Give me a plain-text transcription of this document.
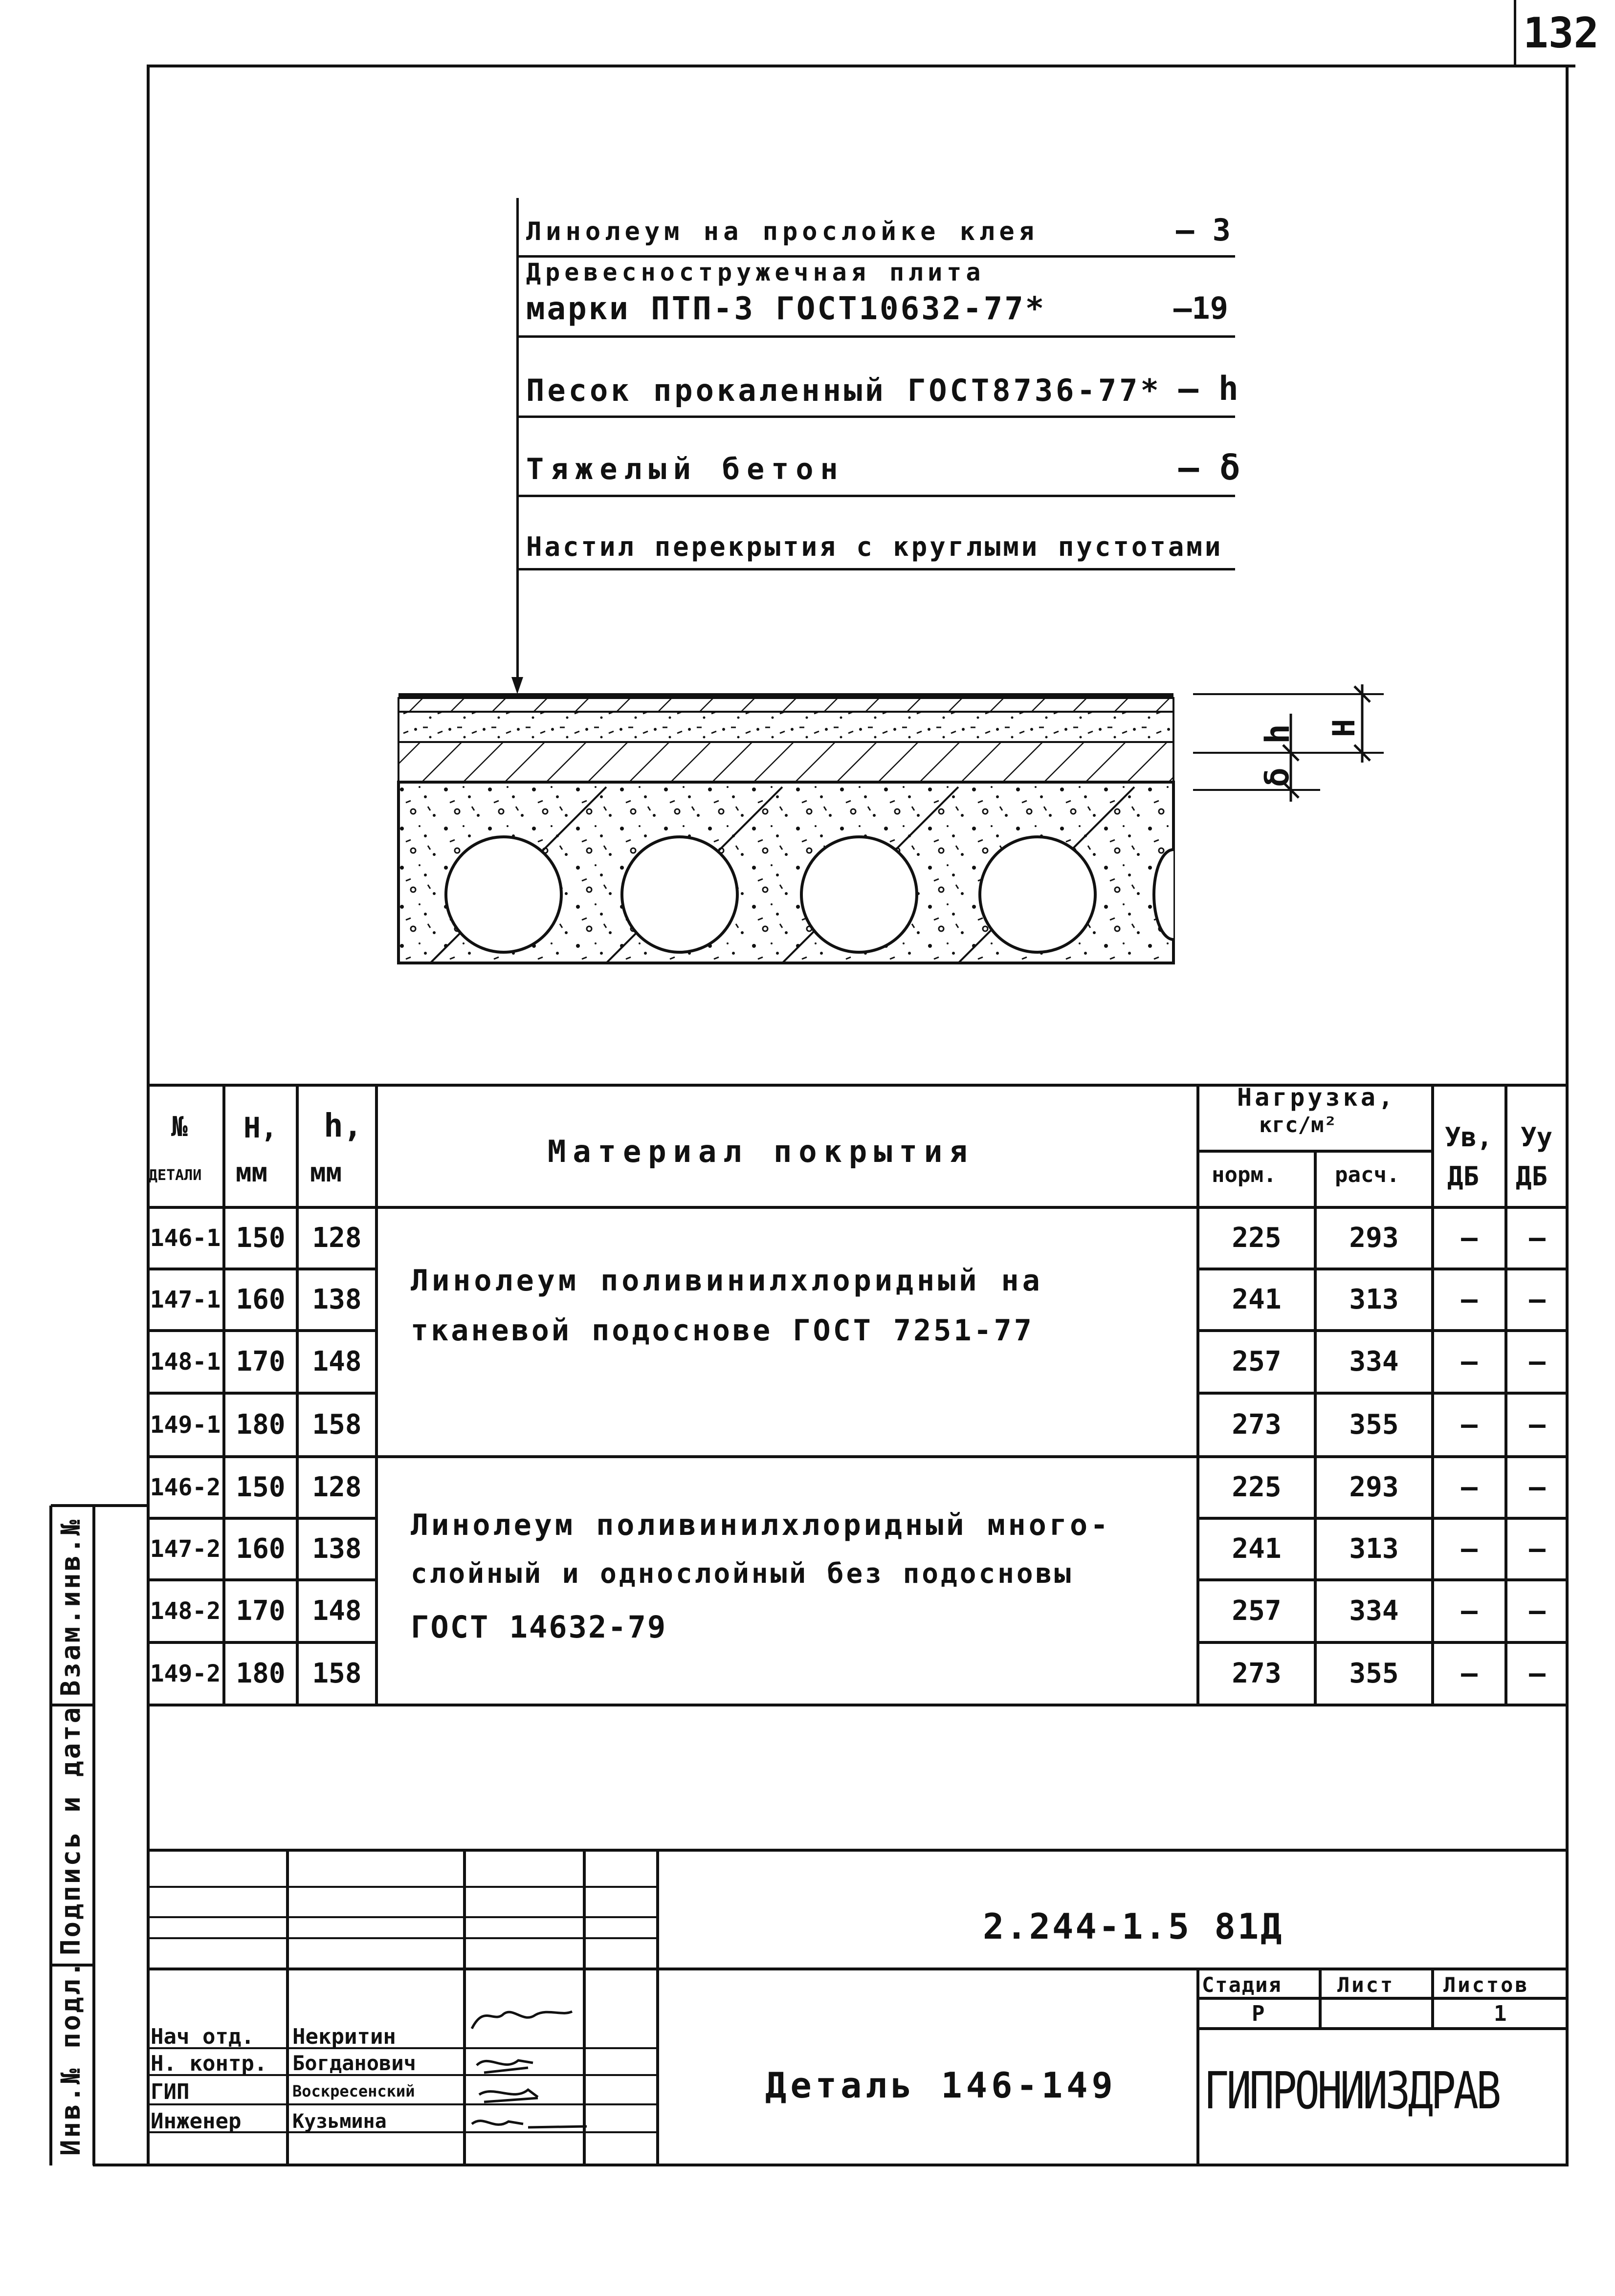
132
Линолеум на прослойке клея	— 3
Древесностружечная плита
марки ПТП-3 ГОСТ10632-77*	—19
Песок прокаленный ГОСТ8736-77* — h
Тяжелый бетон	— δ
Настил перекрытия с круглыми пустотами
H
h
δ
№
ДЕТАЛИ
H,
мм
h,
мм
Материал покрытия
Нагрузка,
кгс/м²
норм.	расч.
Ув,
ДБ
Уу
ДБ
Линолеум поливинилхлоридный на
тканевой подоснове ГОСТ 7251-77
Линолеум поливинилхлоридный много-
слойный и однослойный без подосновы
ГОСТ 14632-79
146-1 150 128	225	293	—	—
147-1 160 138	241	313	—	—
148-1 170 148	257	334	—	—
149-1 180 158	273	355	—	—
146-2 150 128	225	293	—	—
147-2 160 138	241	313	—	—
148-2 170 148	257	334	—	—
149-2 180 158	273	355	—	—
Инв.№ подл.
Подпись и дата
Взам.инв.№
2.244-1.5 81Д
Нач отд. Некритин
Н. контр. Богданович
ГИП	Воскресенский
Инженер	Кузьмина
Деталь 146-149
Стадия	Лист Листов
Р	1
ГИПРОНИИЗДРАВ
